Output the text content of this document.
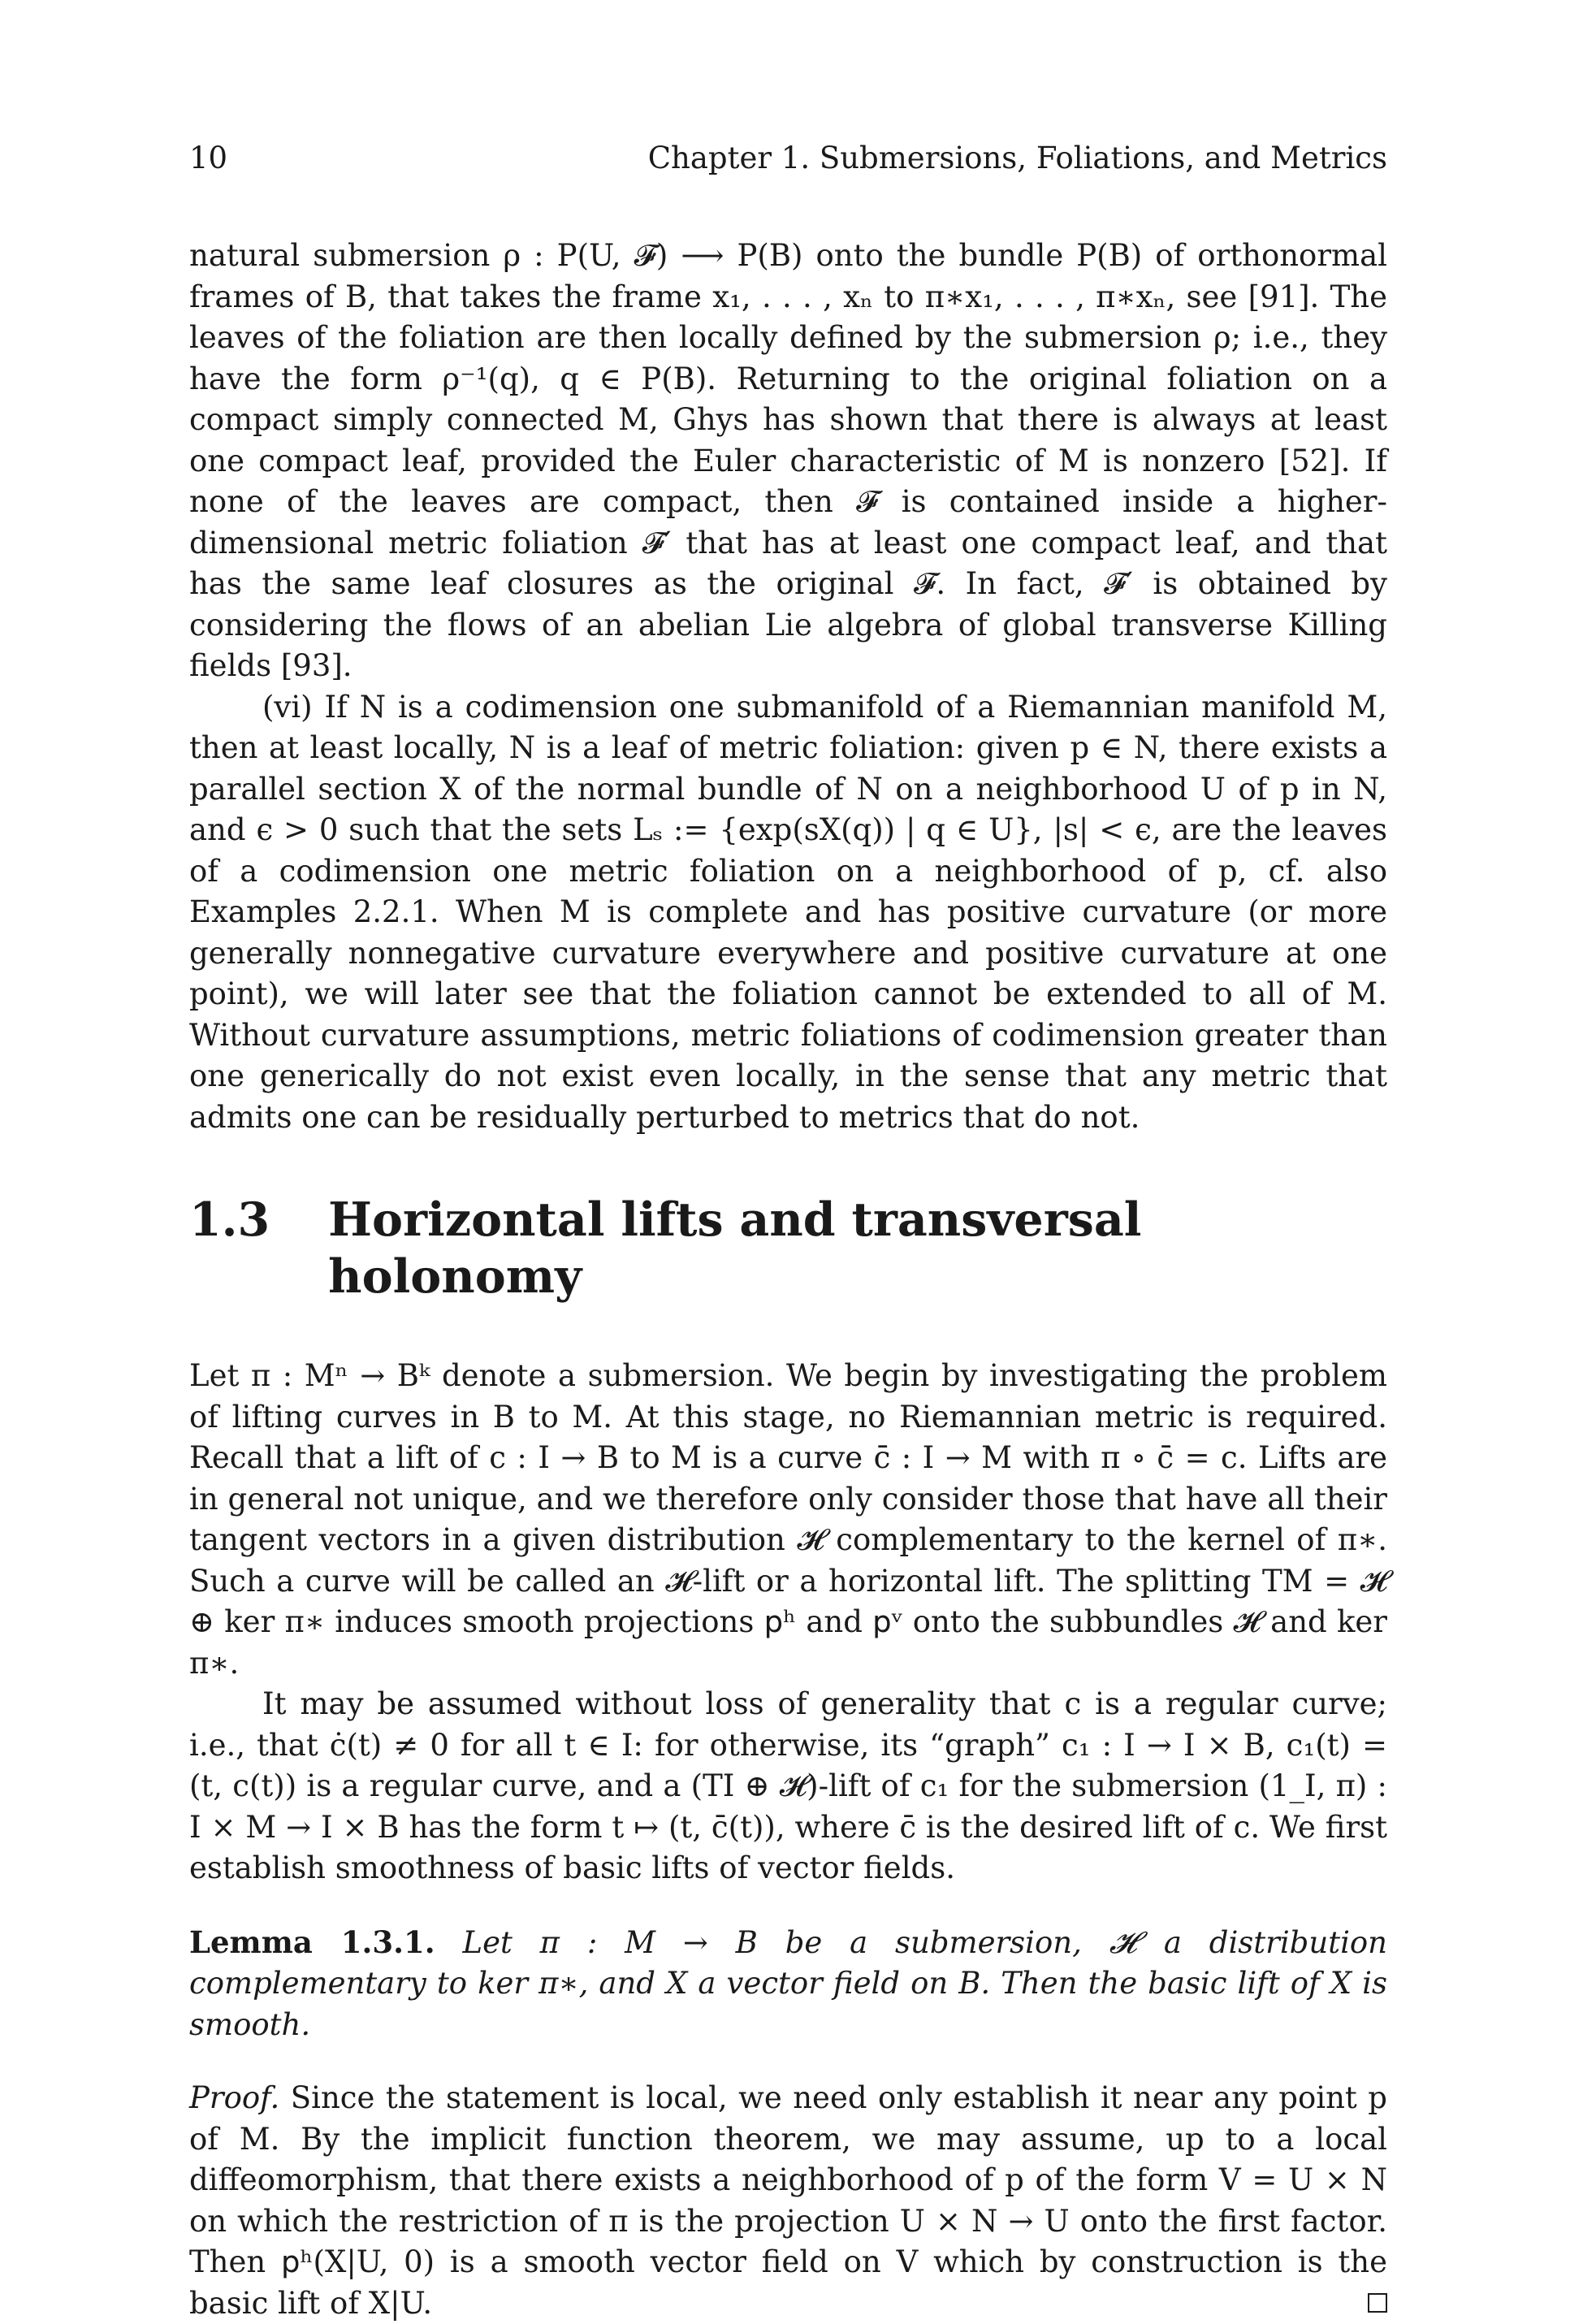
10	Chapter 1. Submersions, Foliations, and Metrics

natural submersion ρ : P(U, 𝓕) ⟶ P(B) onto the bundle P(B) of orthonormal frames of B, that takes the frame x₁, . . . , xₙ to π∗x₁, . . . , π∗xₙ, see [91]. The leaves of the foliation are then locally defined by the submersion ρ; i.e., they have the form ρ⁻¹(q), q ∈ P(B). Returning to the original foliation on a compact simply connected M, Ghys has shown that there is always at least one compact leaf, provided the Euler characteristic of M is nonzero [52]. If none of the leaves are compact, then 𝓕 is contained inside a higher-dimensional metric foliation 𝓕′ that has at least one compact leaf, and that has the same leaf closures as the original 𝓕. In fact, 𝓕′ is obtained by considering the flows of an abelian Lie algebra of global transverse Killing fields [93].

(vi) If N is a codimension one submanifold of a Riemannian manifold M, then at least locally, N is a leaf of metric foliation: given p ∈ N, there exists a parallel section X of the normal bundle of N on a neighborhood U of p in N, and ϵ > 0 such that the sets Lₛ := {exp(sX(q)) | q ∈ U}, |s| < ϵ, are the leaves of a codimension one metric foliation on a neighborhood of p, cf. also Examples 2.2.1. When M is complete and has positive curvature (or more generally nonnegative curvature everywhere and positive curvature at one point), we will later see that the foliation cannot be extended to all of M. Without curvature assumptions, metric foliations of codimension greater than one generically do not exist even locally, in the sense that any metric that admits one can be residually perturbed to metrics that do not.

1.3 Horizontal lifts and transversal holonomy

Let π : Mⁿ → Bᵏ denote a submersion. We begin by investigating the problem of lifting curves in B to M. At this stage, no Riemannian metric is required. Recall that a lift of c : I → B to M is a curve c̄ : I → M with π ∘ c̄ = c. Lifts are in general not unique, and we therefore only consider those that have all their tangent vectors in a given distribution 𝓗 complementary to the kernel of π∗. Such a curve will be called an 𝓗-lift or a horizontal lift. The splitting TM = 𝓗 ⊕ ker π∗ induces smooth projections 𝗉ʰ and 𝗉ᵛ onto the subbundles 𝓗 and ker π∗.

It may be assumed without loss of generality that c is a regular curve; i.e., that ċ(t) ≠ 0 for all t ∈ I: for otherwise, its “graph” c₁ : I → I × B, c₁(t) = (t, c(t)) is a regular curve, and a (TI ⊕ 𝓗)-lift of c₁ for the submersion (1_I, π) : I × M → I × B has the form t ↦ (t, c̄(t)), where c̄ is the desired lift of c. We first establish smoothness of basic lifts of vector fields.

Lemma 1.3.1. Let π : M → B be a submersion, 𝓗 a distribution complementary to ker π∗, and X a vector field on B. Then the basic lift of X is smooth.

Proof. Since the statement is local, we need only establish it near any point p of M. By the implicit function theorem, we may assume, up to a local diffeomorphism, that there exists a neighborhood of p of the form V = U × N on which the restriction of π is the projection U × N → U onto the first factor. Then 𝗉ʰ(X|U, 0) is a smooth vector field on V which by construction is the basic lift of X|U.
